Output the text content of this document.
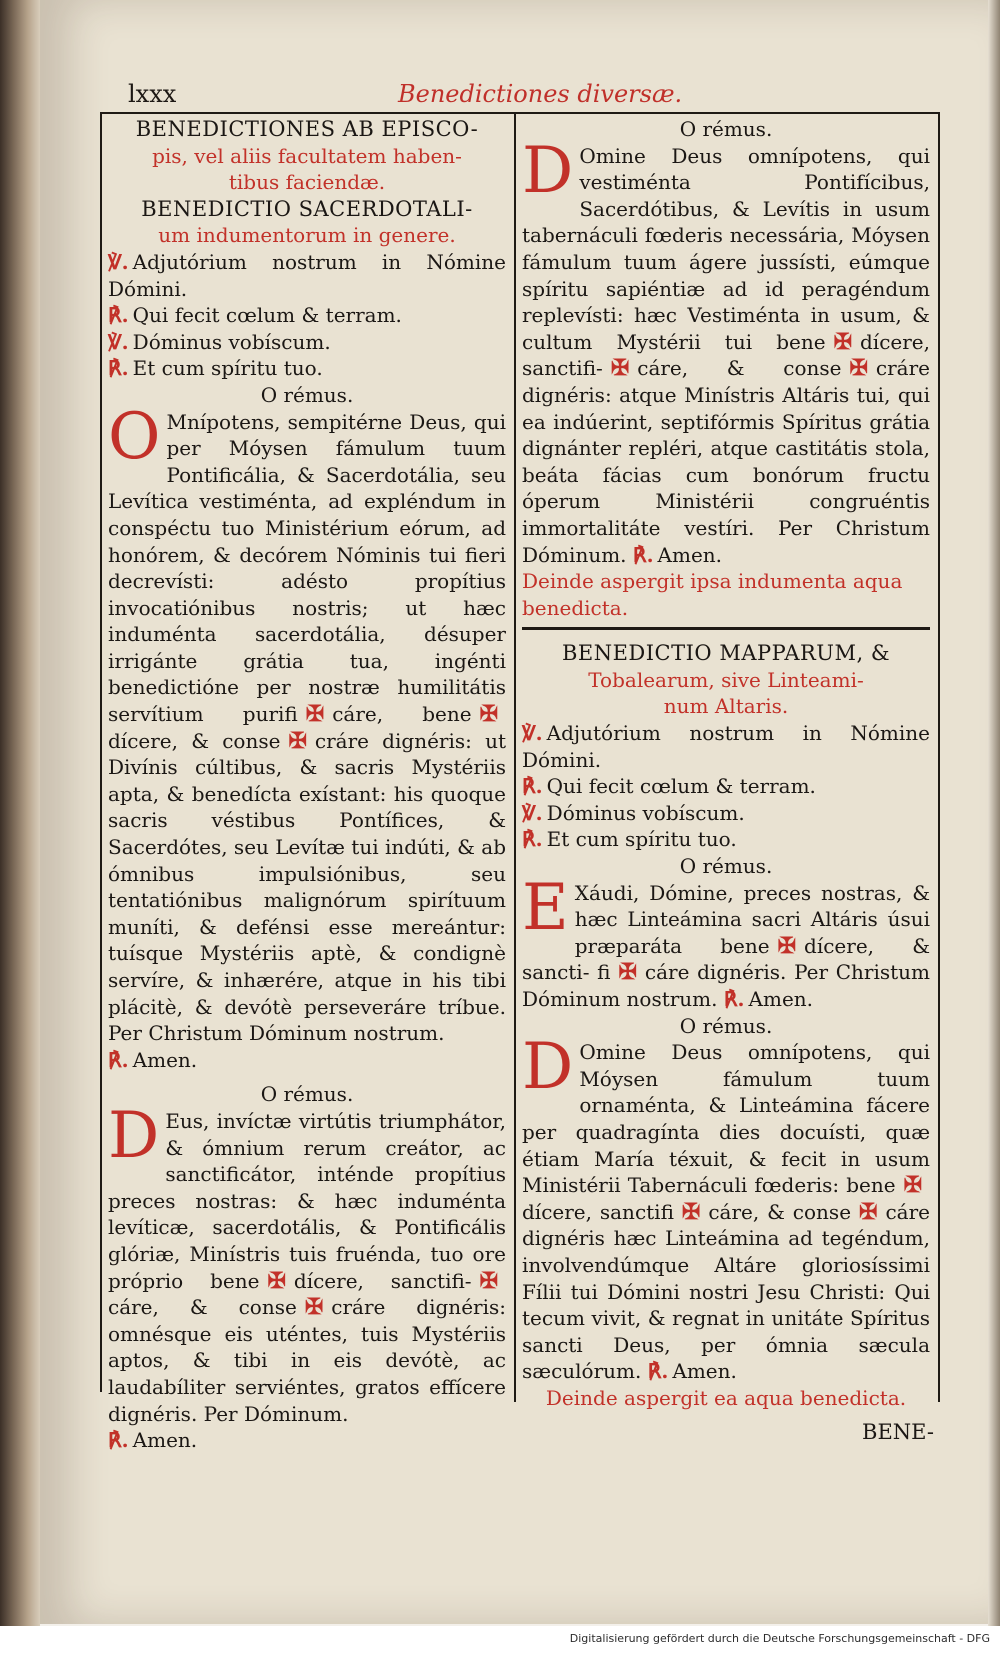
lxxx	Benedictiones diversæ.

BENEDICTIONES AB EPISCO-

pis, vel aliis facultatem haben-

tibus faciendæ.

BENEDICTIO SACERDOTALI-

um indumentorum in genere.

℣. Adjutórium nostrum in Nómine Dómini.

℟. Qui fecit cœlum & terram.

℣. Dóminus vobíscum.

℟. Et cum spíritu tuo.

O rémus.

O Mnípotens, sempitérne Deus, qui per Móysen fámulum tuum Pontificália, & Sacerdotália, seu Levítica vestiménta, ad expléndum in conspéctu tuo Ministérium eórum, ad honórem, & decórem Nóminis tui fieri decrevísti: adésto propítius invocatiónibus nostris; ut hæc induménta sacerdotália, désuper irrigánte grátia tua, ingénti benedictióne per nostræ humilitátis servítium purifi ✠ cáre, bene ✠dícere, & conse ✠ cráre dignéris: ut Divínis cúltibus, & sacris Mystériis apta, & benedícta exístant: his quoque sacris véstibus Pontífices, & Sacerdótes, seu Levítæ tui indúti, & ab ómnibus impulsiónibus, seu tentatiónibus malignórum spirítuum muníti, & defénsi esse mereántur: tuísque Mystériis aptè, & condignè servíre, & inhærére, atque in his tibi plácitè, & devótè perseveráre tríbue. Per Christum Dóminum nostrum.

℟. Amen.

O rémus.

D Eus, invíctæ virtútis triumphátor, & ómnium rerum creátor, ac sanctificátor, inténde propítius preces nostras: & hæc induménta levíticæ, sacerdotális, & Pontificális glóriæ, Minístris tuis fruénda, tuo ore próprio bene ✠ dícere, sanctifi- ✠cáre, & conse ✠ cráre dignéris: omnésque eis uténtes, tuis Mystériis aptos, & tibi in eis devótè, ac laudabíliter serviéntes, gratos effícere dignéris. Per Dóminum.

℟. Amen.

O rémus.

D Omine Deus omnípotens, qui vestiménta Pontifícibus, Sacerdótibus, & Levítis in usum tabernáculi fœderis necessária, Móysen fámulum tuum ágere jussísti, eúmque spíritu sapiéntiæ ad id peragéndum replevísti: hæc Vestiménta in usum, & cultum Mystérii tui bene ✠ dícere, sanctifi- ✠ cáre, & conse ✠ cráre dignéris: atque Minístris Altáris tui, qui ea indúerint, septifórmis Spíritus grátia dignánter repléri, atque castitátis stola, beáta fácias cum bonórum fructu óperum Ministérii congruéntis immortalitáte vestíri. Per Christum Dóminum. ℟. Amen.

Deinde aspergit ipsa indumenta aqua benedicta.

BENEDICTIO MAPPARUM, &

Tobalearum, sive Linteami-

num Altaris.

℣. Adjutórium nostrum in Nómine Dómini.

℟. Qui fecit cœlum & terram.

℣. Dóminus vobíscum.

℟. Et cum spíritu tuo.

O rémus.

E Xáudi, Dómine, preces nostras, & hæc Linteámina sacri Altáris úsui præparáta bene ✠ dícere, & sancti- fi ✠ cáre dignéris. Per Christum Dóminum nostrum. ℟. Amen.

O rémus.

D Omine Deus omnípotens, qui Móysen fámulum tuum ornaménta, & Linteámina fácere per quadragínta dies docuísti, quæ étiam María téxuit, & fecit in usum Ministérii Tabernáculi fœderis: bene ✠dícere, sanctifi ✠ cáre, & conse ✠ cáre dignéris hæc Linteámina ad tegéndum, involvendúmque Altáre gloriosíssimi Fílii tui Dómini nostri Jesu Christi: Qui tecum vivit, & regnat in unitáte Spíritus sancti Deus, per ómnia sæcula sæculórum. ℟. Amen.

Deinde aspergit ea aqua benedicta.

BENE-
Digitalisierung gefördert durch die Deutsche Forschungsgemeinschaft - DFG
